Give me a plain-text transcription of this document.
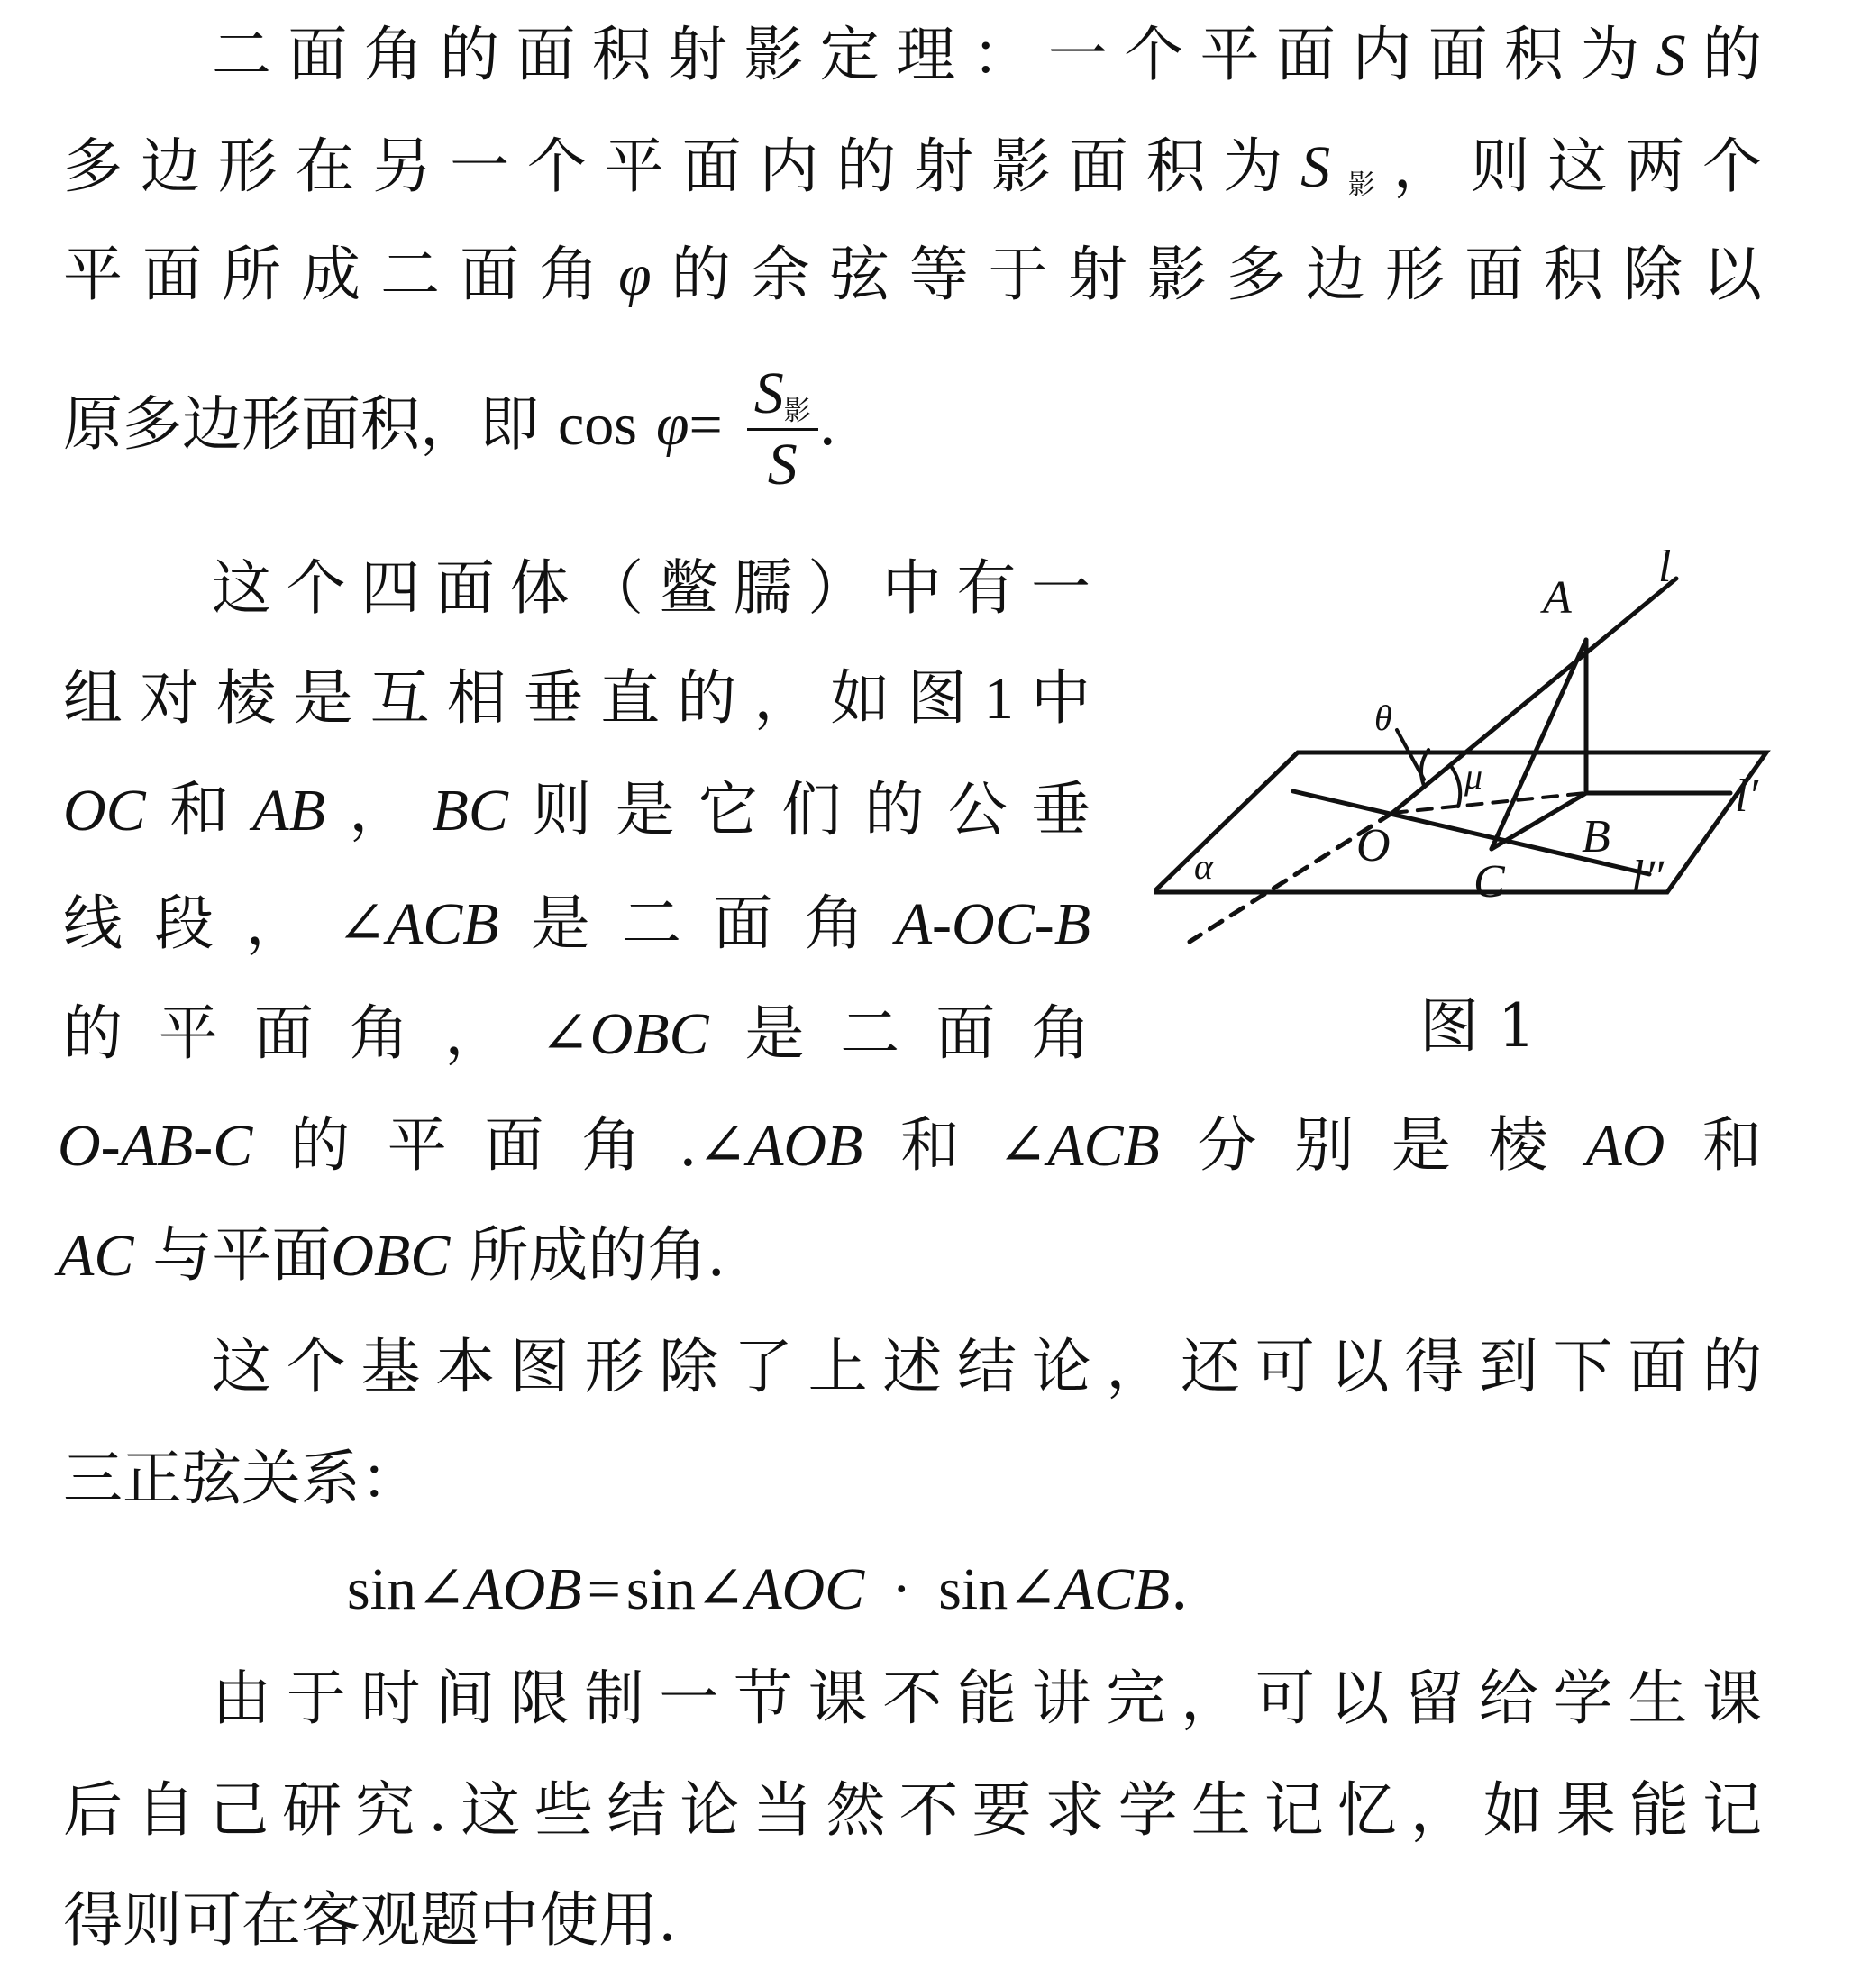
二面角的面积射影定理：一个平面内面积为S的
多边形在另一个平面内的射影面积为$S_影$，则这两个
平面所成二面角φ的余弦等于射影多边形面积除以
原多边形面积，即 $\cos \varphi= \frac{S_影}{S}$ .
这个四面体（鳖臑）中有一
组对棱是互相垂直的，如图1中
OC和AB，BC则是它们的公垂
线段，∠ACB是二面角A-OC-B
的平面角，∠OBC是二面角
O-AB-C的平面角.∠AOB和∠ACB分别是棱AO和
AC 与平面OBC 所成的角.
这个基本图形除了上述结论，还可以得到下面的
三正弦关系：
sin∠AOB=sin∠AOC · sin∠ACB.
由于时间限制一节课不能讲完，可以留给学生课
后自己研究.这些结论当然不要求学生记忆，如果能记
得则可在客观题中使用.
A
l
θ
μ	l′
O	B
C	l″
α
图 1
